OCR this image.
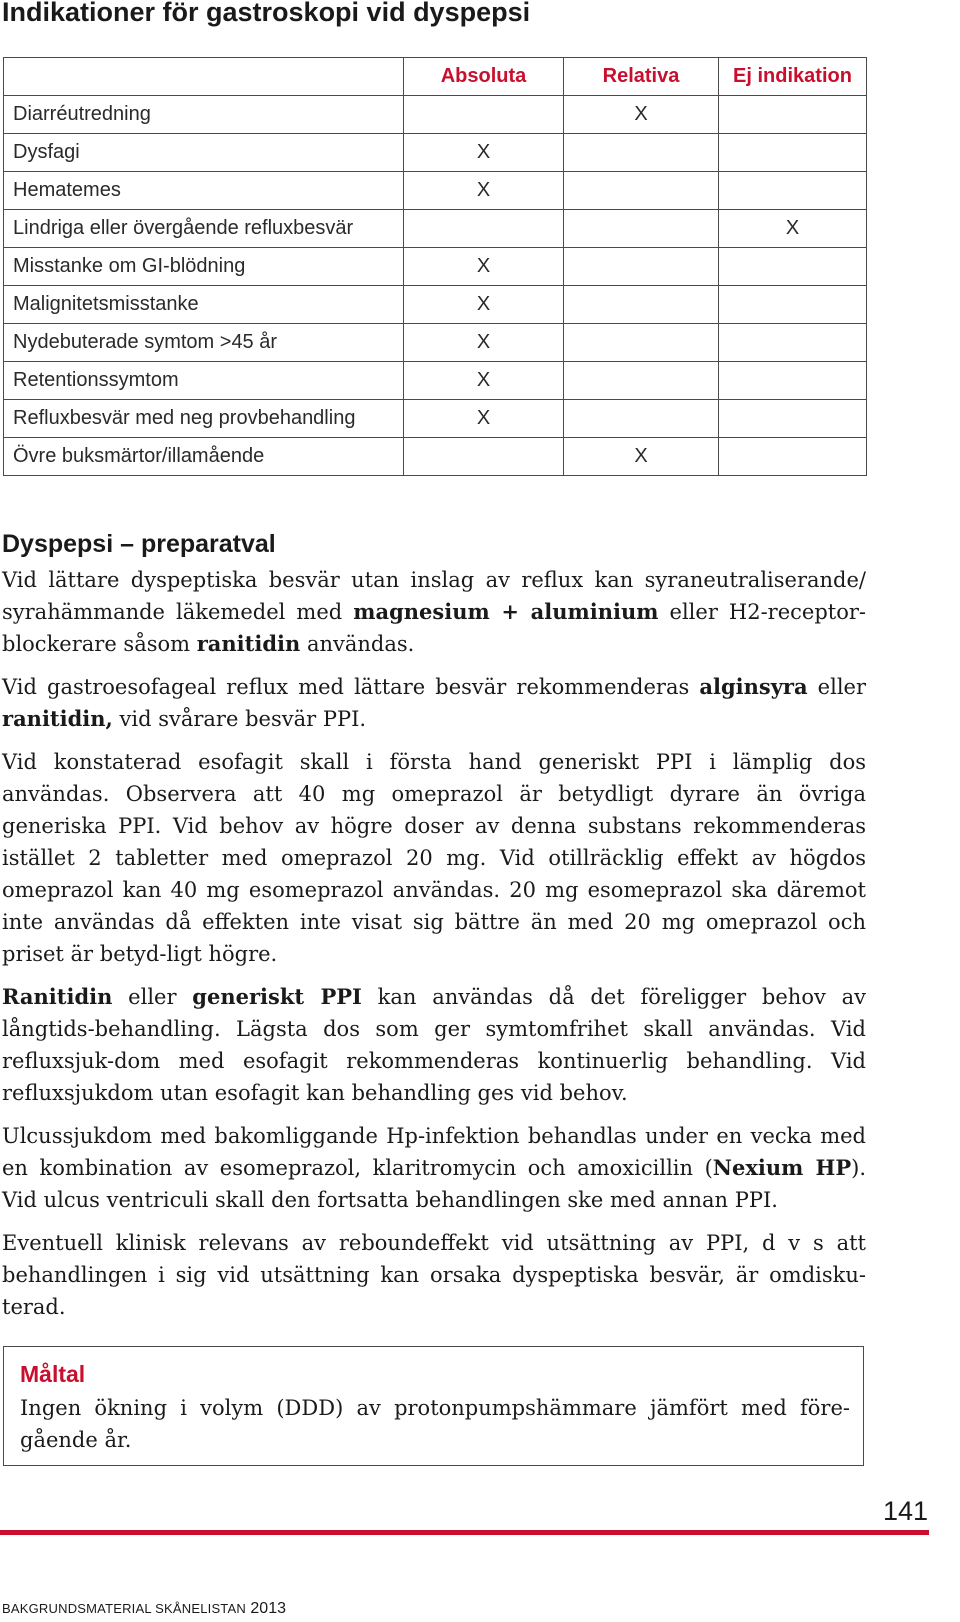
Indikationer för gastroskopi vid dyspepsi
	Absoluta	Relativa	Ej indikation
Diarréutredning		X	
Dysfagi	X		
Hematemes	X		
Lindriga eller övergående refluxbesvär			X
Misstanke om GI-blödning	X		
Malignitetsmisstanke	X		
Nydebuterade symtom >45 år	X		
Retentionssymtom	X		
Refluxbesvär med neg provbehandling	X		
Övre buksmärtor/illamående		X	
Dyspepsi – preparatval

Vid lättare dyspeptiska besvär utan inslag av reflux kan syraneutraliserande/ syrahämmande läkemedel med magnesium + aluminium eller H2-receptor-blockerare såsom ranitidin användas.

Vid gastroesofageal reflux med lättare besvär rekommenderas alginsyra eller ranitidin, vid svårare besvär PPI.

Vid konstaterad esofagit skall i första hand generiskt PPI i lämplig dos användas. Observera att 40 mg omeprazol är betydligt dyrare än övriga generiska PPI. Vid behov av högre doser av denna substans rekommenderas istället 2 tabletter med omeprazol 20 mg. Vid otillräcklig effekt av högdos omeprazol kan 40 mg esomeprazol användas. 20 mg esomeprazol ska däremot inte användas då effekten inte visat sig bättre än med 20 mg omeprazol och priset är betyd-ligt högre.

Ranitidin eller generiskt PPI kan användas då det föreligger behov av långtids-behandling. Lägsta dos som ger symtomfrihet skall användas. Vid refluxsjuk-dom med esofagit rekommenderas kontinuerlig behandling. Vid refluxsjukdom utan esofagit kan behandling ges vid behov.

Ulcussjukdom med bakomliggande Hp-infektion behandlas under en vecka med en kombination av esomeprazol, klaritromycin och amoxicillin (Nexium HP). Vid ulcus ventriculi skall den fortsatta behandlingen ske med annan PPI.

Eventuell klinisk relevans av reboundeffekt vid utsättning av PPI, d v s att behandlingen i sig vid utsättning kan orsaka dyspeptiska besvär, är omdisku-terad.

Måltal

Ingen ökning i volym (DDD) av protonpumpshämmare jämfört med före-gående år.

141
BAKGRUNDSMATERIAL SKÅNELISTAN 2013
